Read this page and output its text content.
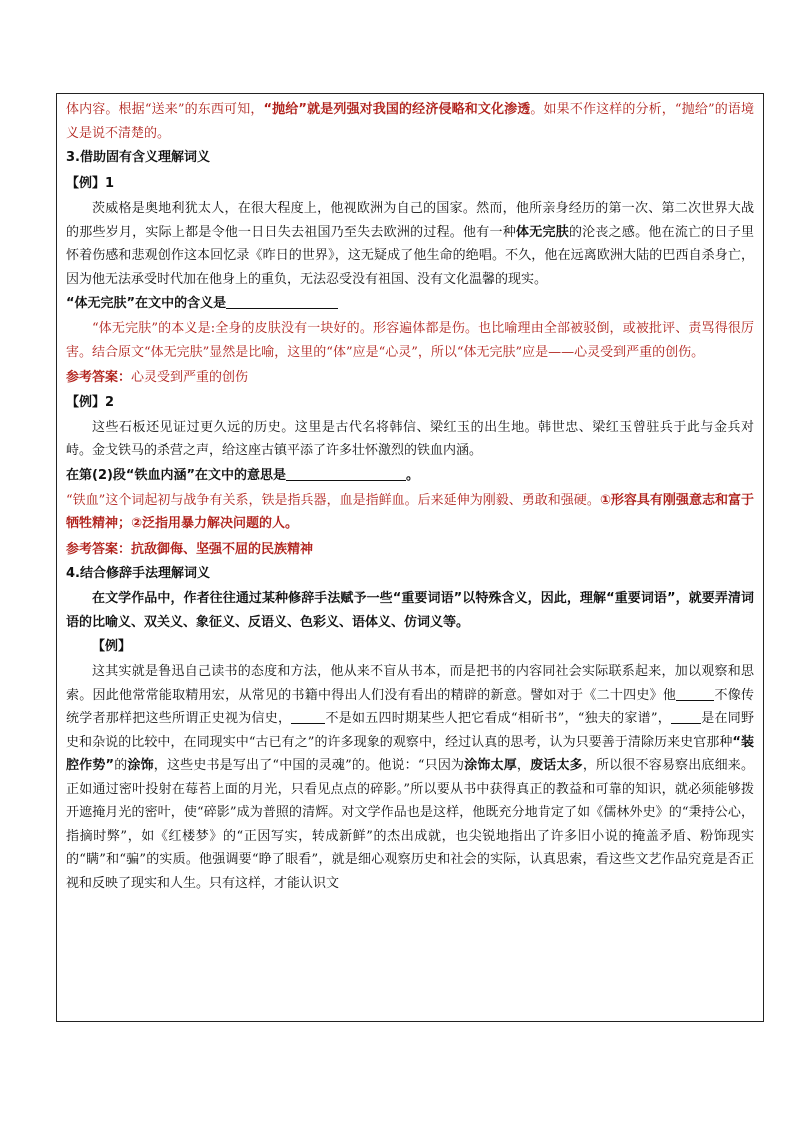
体内容。根据“送来”的东西可知，“抛给”就是列强对我国的经济侵略和文化渗透。如果不作这样的分析，“抛给”的语境义是说不清楚的。

3.借助固有含义理解词义

【例】1

茨威格是奥地利犹太人，在很大程度上，他视欧洲为自己的国家。然而，他所亲身经历的第一次、第二次世界大战的那些岁月，实际上都是令他一日日失去祖国乃至失去欧洲的过程。他有一种体无完肤的沦丧之感。他在流亡的日子里怀着伤感和悲观创作这本回忆录《昨日的世界》，这无疑成了他生命的绝唱。不久，他在远离欧洲大陆的巴西自杀身亡，因为他无法承受时代加在他身上的重负，无法忍受没有祖国、没有文化温馨的现实。

“体无完肤”在文中的含义是

“体无完肤”的本义是:全身的皮肤没有一块好的。形容遍体都是伤。也比喻理由全部被驳倒，或被批评、责骂得很厉害。结合原文“体无完肤”显然是比喻，这里的“体”应是“心灵”，所以“体无完肤”应是——心灵受到严重的创伤。

参考答案：心灵受到严重的创伤

【例】2

这些石板还见证过更久远的历史。这里是古代名将韩信、梁红玉的出生地。韩世忠、梁红玉曾驻兵于此与金兵对峙。金戈铁马的杀营之声，给这座古镇平添了许多壮怀激烈的铁血内涵。

在第(2)段“铁血内涵”在文中的意思是	。

“铁血”这个词起初与战争有关系，铁是指兵器，血是指鲜血。后来延伸为刚毅、勇敢和强硬。①形容具有刚强意志和富于牺牲精神；②泛指用暴力解决问题的人。

参考答案：抗敌御侮、坚强不屈的民族精神

4.结合修辞手法理解词义

在文学作品中，作者往往通过某种修辞手法赋予一些“重要词语”以特殊含义，因此，理解“重要词语”，就要弄清词语的比喻义、双关义、象征义、反语义、色彩义、语体义、仿词义等。

【例】

这其实就是鲁迅自己读书的态度和方法，他从来不盲从书本，而是把书的内容同社会实际联系起来，加以观察和思索。因此他常常能取精用宏，从常见的书籍中得出人们没有看出的精辟的新意。譬如对于《二十四史》他	不像传统学者那样把这些所谓正史视为信史，	不是如五四时期某些人把它看成“相斫书”，“独夫的家谱”， 是在同野史和杂说的比较中，在同现实中“古已有之”的许多现象的观察中，经过认真的思考，认为只要善于清除历来史官那种“装腔作势”的涂饰，这些史书是写出了“中国的灵魂”的。他说：“只因为涂饰太厚，废话太多，所以很不容易察出底细来。正如通过密叶投射在莓苔上面的月光，只看见点点的碎影。”所以要从书中获得真正的教益和可靠的知识，就必须能够拨开遮掩月光的密叶，使“碎影”成为普照的清辉。对文学作品也是这样，他既充分地肯定了如《儒林外史》的“秉持公心，指摘时弊”，如《红楼梦》的“正因写实，转成新鲜”的杰出成就，也尖锐地指出了许多旧小说的掩盖矛盾、粉饰现实的“瞒”和“骗”的实质。他强调要“睁了眼看”，就是细心观察历史和社会的实际，认真思索，看这些文艺作品究竟是否正视和反映了现实和人生。只有这样，才能认识文
